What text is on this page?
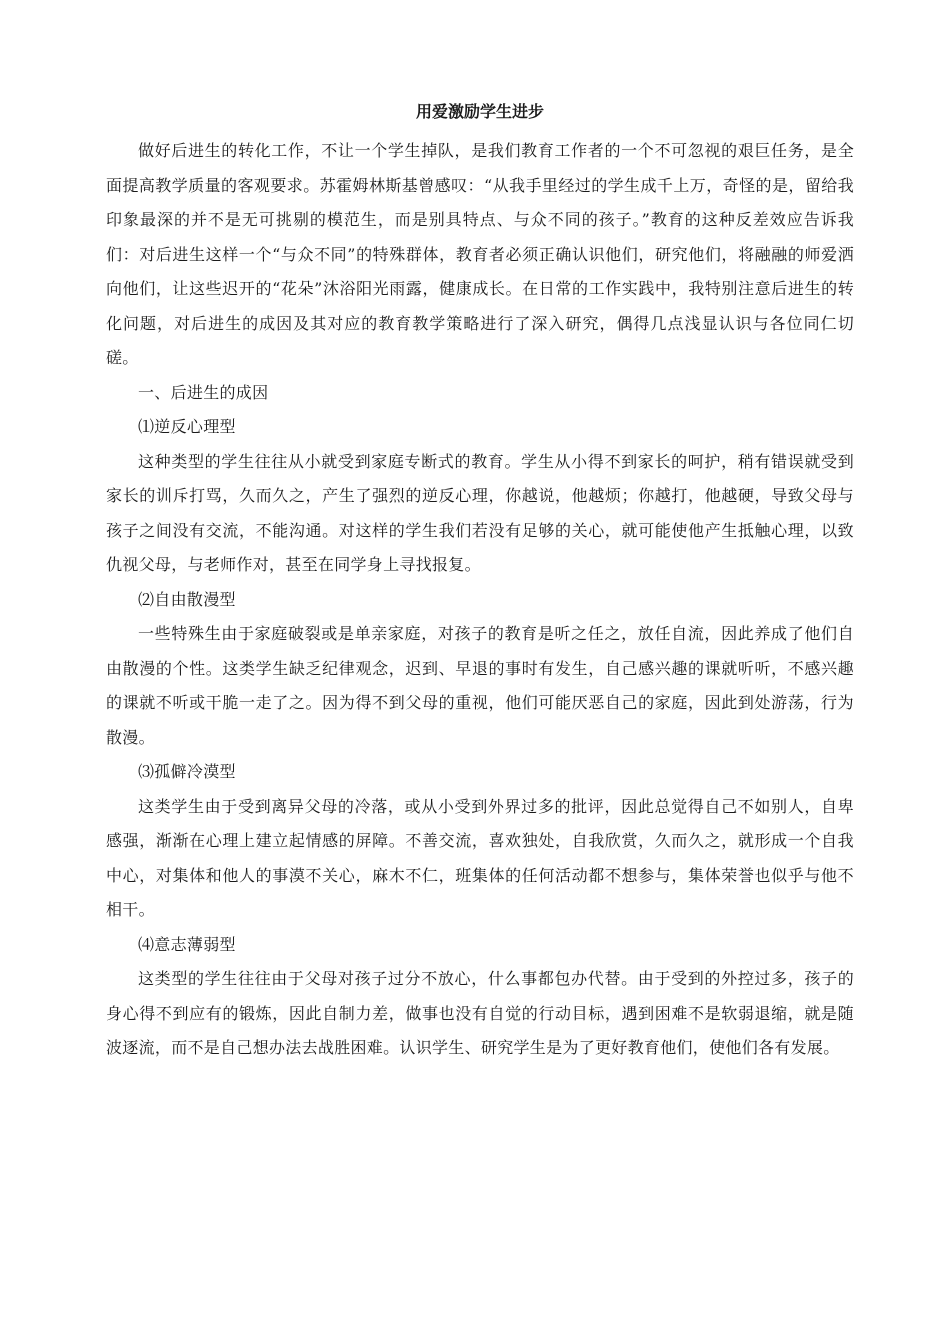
用爱激励学生进步

做好后进生的转化工作，不让一个学生掉队，是我们教育工作者的一个不可忽视的艰巨任务，是全面提高教学质量的客观要求。苏霍姆林斯基曾感叹：“从我手里经过的学生成千上万，奇怪的是，留给我印象最深的并不是无可挑剔的模范生，而是别具特点、与众不同的孩子。”教育的这种反差效应告诉我们：对后进生这样一个“与众不同”的特殊群体，教育者必须正确认识他们，研究他们，将融融的师爱洒向他们，让这些迟开的“花朵”沐浴阳光雨露，健康成长。在日常的工作实践中，我特别注意后进生的转化问题，对后进生的成因及其对应的教育教学策略进行了深入研究，偶得几点浅显认识与各位同仁切磋。

一、后进生的成因

⑴逆反心理型

这种类型的学生往往从小就受到家庭专断式的教育。学生从小得不到家长的呵护，稍有错误就受到家长的训斥打骂，久而久之，产生了强烈的逆反心理，你越说，他越烦；你越打，他越硬，导致父母与孩子之间没有交流，不能沟通。对这样的学生我们若没有足够的关心，就可能使他产生抵触心理，以致仇视父母，与老师作对，甚至在同学身上寻找报复。

⑵自由散漫型

一些特殊生由于家庭破裂或是单亲家庭，对孩子的教育是听之任之，放任自流，因此养成了他们自由散漫的个性。这类学生缺乏纪律观念，迟到、早退的事时有发生，自己感兴趣的课就听听，不感兴趣的课就不听或干脆一走了之。因为得不到父母的重视，他们可能厌恶自己的家庭，因此到处游荡，行为散漫。

⑶孤僻冷漠型

这类学生由于受到离异父母的冷落，或从小受到外界过多的批评，因此总觉得自己不如别人，自卑感强，渐渐在心理上建立起情感的屏障。不善交流，喜欢独处，自我欣赏，久而久之，就形成一个自我中心，对集体和他人的事漠不关心，麻木不仁，班集体的任何活动都不想参与，集体荣誉也似乎与他不相干。

⑷意志薄弱型

这类型的学生往往由于父母对孩子过分不放心，什么事都包办代替。由于受到的外控过多，孩子的身心得不到应有的锻炼，因此自制力差，做事也没有自觉的行动目标，遇到困难不是软弱退缩，就是随波逐流，而不是自己想办法去战胜困难。认识学生、研究学生是为了更好教育他们，使他们各有发展。
